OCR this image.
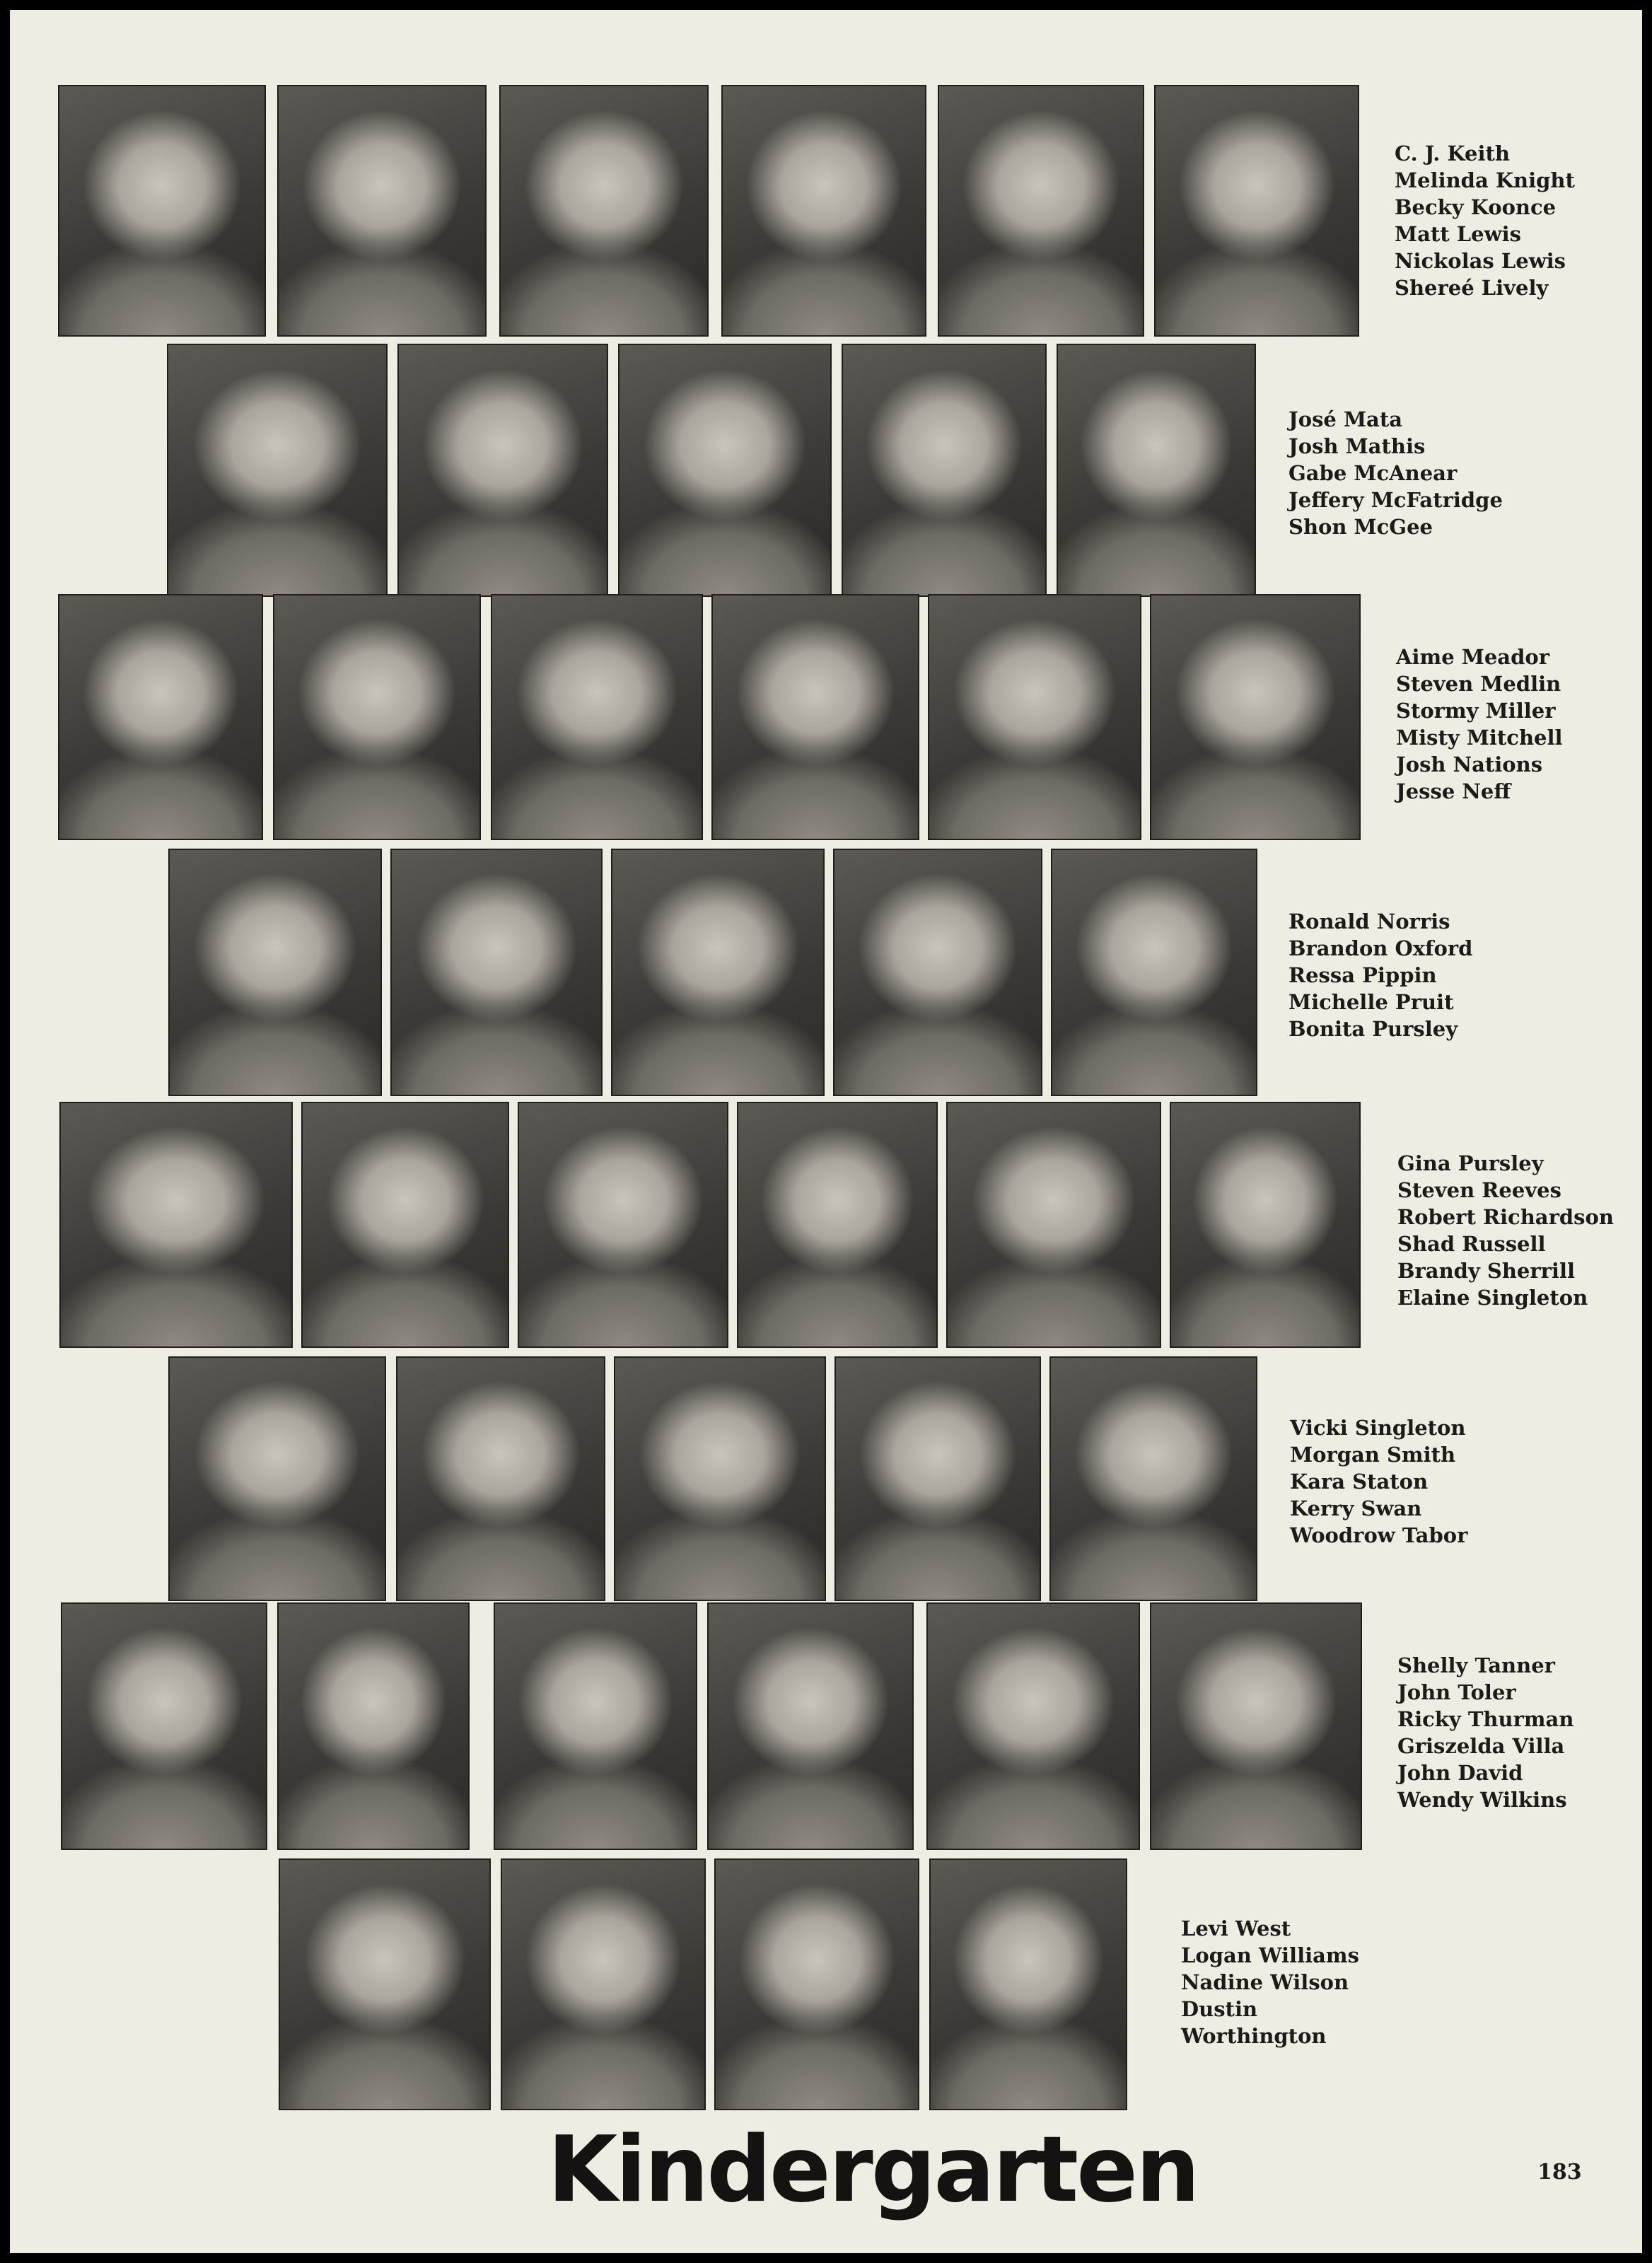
C. J. Keith
Melinda Knight
Becky Koonce
Matt Lewis
Nickolas Lewis
Shereé Lively
José Mata
Josh Mathis
Gabe McAnear
Jeffery McFatridge
Shon McGee
Aime Meador
Steven Medlin
Stormy Miller
Misty Mitchell
Josh Nations
Jesse Neff
Ronald Norris
Brandon Oxford
Ressa Pippin
Michelle Pruit
Bonita Pursley
Gina Pursley
Steven Reeves
Robert Richardson
Shad Russell
Brandy Sherrill
Elaine Singleton
Vicki Singleton
Morgan Smith
Kara Staton
Kerry Swan
Woodrow Tabor
Shelly Tanner
John Toler
Ricky Thurman
Griszelda Villa
John David
Wendy Wilkins
Levi West
Logan Williams
Nadine Wilson
Dustin
Worthington
Kindergarten	183
